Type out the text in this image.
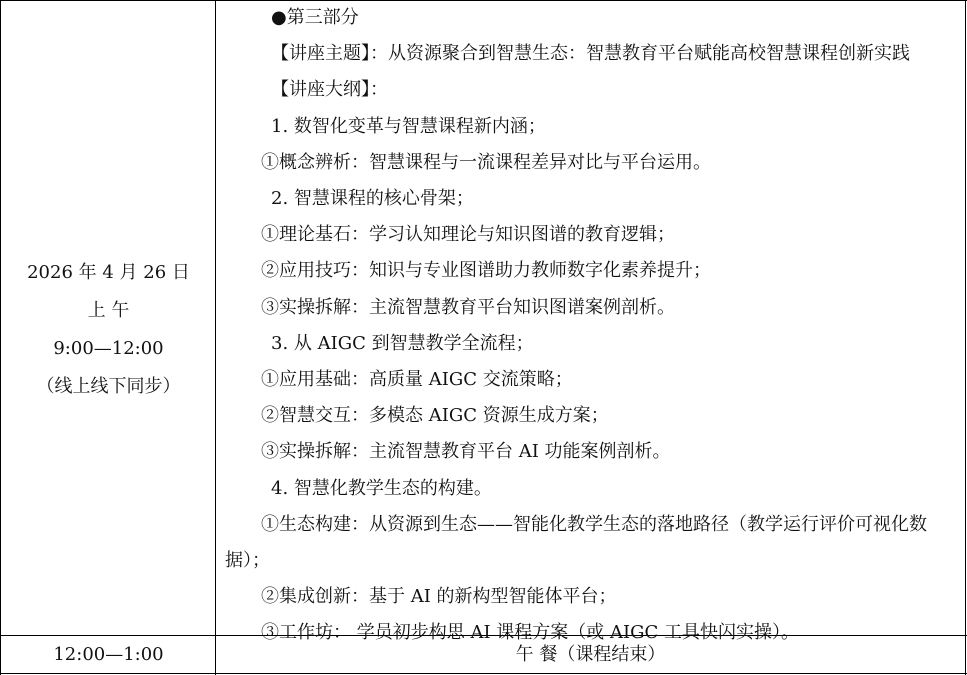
2026 年 4 月 26 日
上 午
9:00—12:00
（线上线下同步）

●第三部分

【讲座主题】：从资源聚合到智慧生态：智慧教育平台赋能高校智慧课程创新实践

【讲座大纲】：

1. 数智化变革与智慧课程新内涵；

①概念辨析：智慧课程与一流课程差异对比与平台运用。

2. 智慧课程的核心骨架；

①理论基石：学习认知理论与知识图谱的教育逻辑；

②应用技巧：知识与专业图谱助力教师数字化素养提升；

③实操拆解：主流智慧教育平台知识图谱案例剖析。

3. 从 AIGC 到智慧教学全流程；

①应用基础：高质量 AIGC 交流策略；

②智慧交互：多模态 AIGC 资源生成方案；

③实操拆解：主流智慧教育平台 AI 功能案例剖析。

4. 智慧化教学生态的构建。

①生态构建：从资源到生态——智能化教学生态的落地路径（教学运行评价可视化数据）；

②集成创新：基于 AI 的新构型智能体平台；

③工作坊： 学员初步构思 AI 课程方案（或 AIGC 工具快闪实操）。

12:00—1:00	午 餐（课程结束）
